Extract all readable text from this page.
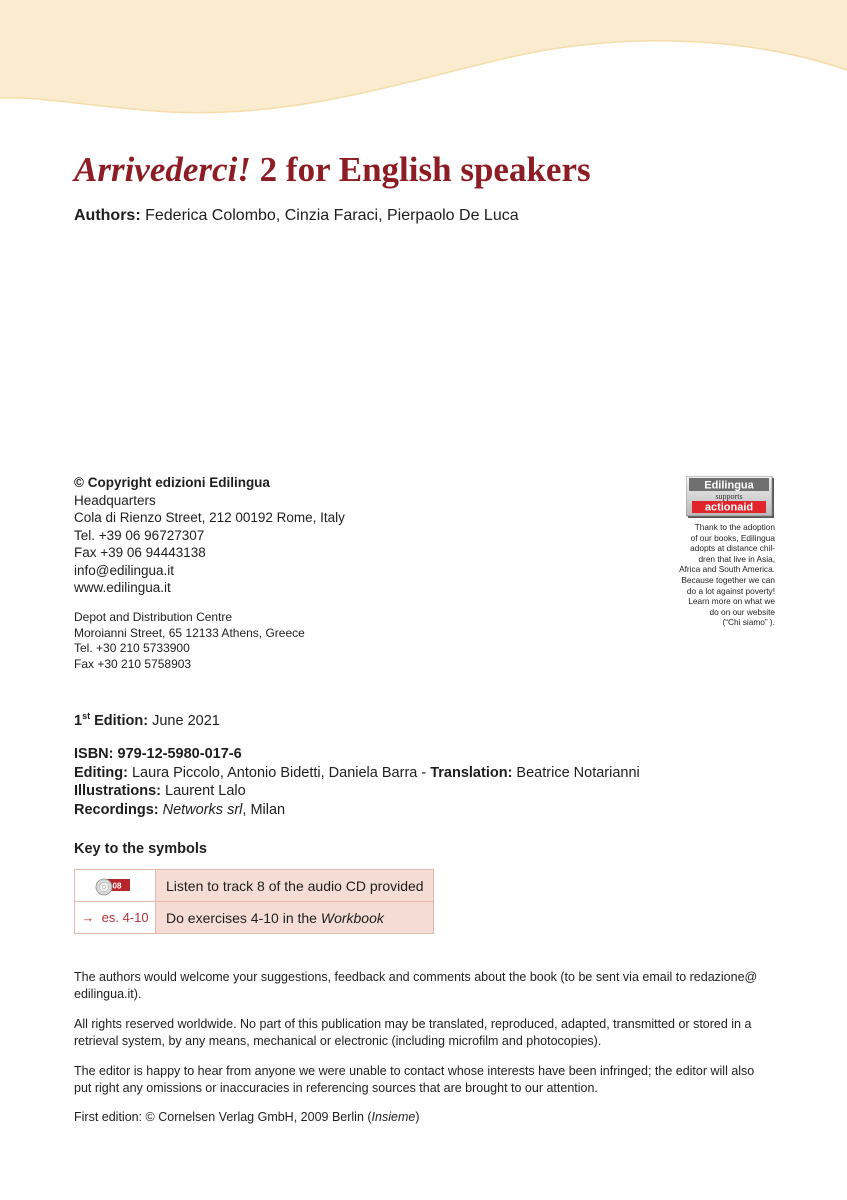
Arrivederci! 2 for English speakers
Authors: Federica Colombo, Cinzia Faraci, Pierpaolo De Luca
© Copyright edizioni Edilingua
Headquarters
Cola di Rienzo Street, 212 00192 Rome, Italy
Tel. +39 06 96727307
Fax +39 06 94443138
info@edilingua.it
www.edilingua.it
Depot and Distribution Centre
Moroianni Street, 65 12133 Athens, Greece
Tel. +30 210 5733900
Fax +30 210 5758903
Edilingua
supports
actionaid
Thank to the adoption
of our books, Edilingua
adopts at distance chil-
dren that live in Asia,
Africa and South America.
Because together we can
do a lot against poverty!
Learn more on what we
do on our website
(“Chi siamo” ).
1st Edition: June 2021
ISBN: 979-12-5980-017-6
Editing: Laura Piccolo, Antonio Bidetti, Daniela Barra - Translation: Beatrice Notarianni
Illustrations: Laurent Lalo
Recordings: Networks srl, Milan
Key to the symbols
08	Listen to track 8 of the audio CD provided
→ es. 4-10 Do exercises 4-10 in the Workbook
The authors would welcome your suggestions, feedback and comments about the book (to be sent via email to redazione@ edilingua.it).
All rights reserved worldwide. No part of this publication may be translated, reproduced, adapted, transmitted or stored in a retrieval system, by any means, mechanical or electronic (including microfilm and photocopies).
The editor is happy to hear from anyone we were unable to contact whose interests have been infringed; the editor will also put right any omissions or inaccuracies in referencing sources that are brought to our attention.
First edition: © Cornelsen Verlag GmbH, 2009 Berlin (Insieme)
